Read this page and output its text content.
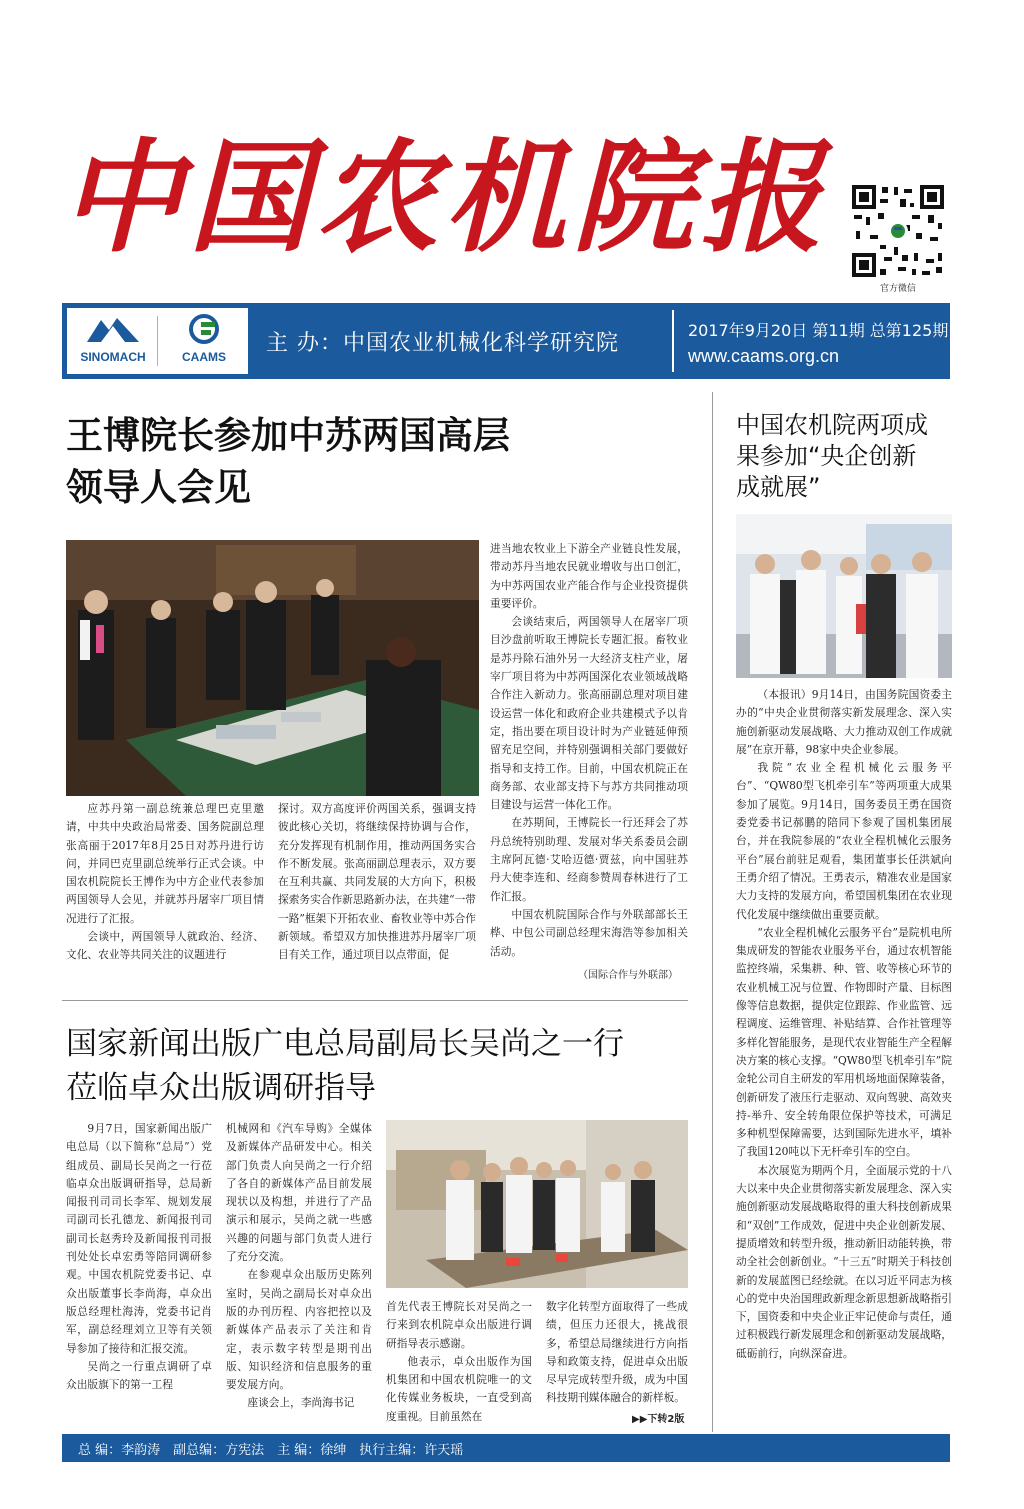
中国农机院报
官方微信
SINOMACH	CAAMS
主 办：中国农业机械化科学研究院
2017年9月20日 第11期 总第125期
www.caams.org.cn
王博院长参加中苏两国高层
领导人会见

应苏丹第一副总统兼总理巴克里邀请，中共中央政治局常委、国务院副总理张高丽于2017年8月25日对苏丹进行访问，并同巴克里副总统举行正式会谈。中国农机院院长王博作为中方企业代表参加两国领导人会见，并就苏丹屠宰厂项目情况进行了汇报。

会谈中，两国领导人就政治、经济、文化、农业等共同关注的议题进行

探讨。双方高度评价两国关系，强调支持彼此核心关切，将继续保持协调与合作，充分发挥现有机制作用，推动两国务实合作不断发展。张高丽副总理表示，双方要在互利共赢、共同发展的大方向下，积极探索务实合作新思路新办法，在共建“一带一路”框架下开拓农业、畜牧业等中苏合作新领域。希望双方加快推进苏丹屠宰厂项目有关工作，通过项目以点带面，促

进当地农牧业上下游全产业链良性发展，带动苏丹当地农民就业增收与出口创汇，为中苏两国农业产能合作与企业投资提供重要评价。

会谈结束后，两国领导人在屠宰厂项目沙盘前听取王博院长专题汇报。畜牧业是苏丹除石油外另一大经济支柱产业，屠宰厂项目将为中苏两国深化农业领域战略合作注入新动力。张高丽副总理对项目建设运营一体化和政府企业共建模式予以肯定，指出要在项目设计时为产业链延伸预留充足空间，并特别强调相关部门要做好指导和支持工作。目前，中国农机院正在商务部、农业部支持下与苏方共同推动项目建设与运营一体化工作。

在苏期间，王博院长一行还拜会了苏丹总统特别助理、发展对华关系委员会副主席阿瓦德·艾哈迈德·贾兹，向中国驻苏丹大使李连和、经商参赞周春林进行了工作汇报。

中国农机院国际合作与外联部部长王桦、中包公司副总经理宋海浩等参加相关活动。

（国际合作与外联部）
国家新闻出版广电总局副局长吴尚之一行
莅临卓众出版调研指导

9月7日，国家新闻出版广电总局（以下简称“总局”）党组成员、副局长吴尚之一行莅临卓众出版调研指导，总局新闻报刊司司长李军、规划发展司副司长孔德龙、新闻报刊司副司长赵秀玲及新闻报刊司报刊处处长卓宏勇等陪同调研参观。中国农机院党委书记、卓众出版董事长李尚海，卓众出版总经理杜海涛，党委书记肖军，副总经理刘立卫等有关领导参加了接待和汇报交流。

吴尚之一行重点调研了卓众出版旗下的第一工程

机械网和《汽车导购》全媒体及新媒体产品研发中心。相关部门负责人向吴尚之一行介绍了各自的新媒体产品目前发展现状以及构想，并进行了产品演示和展示，吴尚之就一些感兴趣的问题与部门负责人进行了充分交流。

在参观卓众出版历史陈列室时，吴尚之副局长对卓众出版的办刊历程、内容把控以及新媒体产品表示了关注和肯定，表示数字转型是期刊出版、知识经济和信息服务的重要发展方向。

座谈会上，李尚海书记

首先代表王博院长对吴尚之一行来到农机院卓众出版进行调研指导表示感谢。

他表示，卓众出版作为国机集团和中国农机院唯一的文化传媒业务板块，一直受到高度重视。目前虽然在

数字化转型方面取得了一些成绩，但压力还很大，挑战很多，希望总局继续进行方向指导和政策支持，促进卓众出版尽早完成转型升级，成为中国科技期刊媒体融合的新样板。

▶▶下转2版
中国农机院两项成
果参加“央企创新
成就展”

（本报讯）9月14日，由国务院国资委主办的“中央企业贯彻落实新发展理念、深入实施创新驱动发展战略、大力推动双创工作成就展”在京开幕，98家中央企业参展。

我院“农业全程机械化云服务平台”、“QW80型飞机牵引车”等两项重大成果参加了展览。9月14日，国务委员王勇在国资委党委书记郝鹏的陪同下参观了国机集团展台，并在我院参展的“农业全程机械化云服务平台”展台前驻足观看，集团董事长任洪斌向王勇介绍了情况。王勇表示，精准农业是国家大力支持的发展方向，希望国机集团在农业现代化发展中继续做出重要贡献。

“农业全程机械化云服务平台”是院机电所集成研发的智能农业服务平台，通过农机智能监控终端，采集耕、种、管、收等核心环节的农业机械工况与位置、作物即时产量、目标图像等信息数据，提供定位跟踪、作业监管、远程调度、运维管理、补贴结算、合作社管理等多样化智能服务，是现代农业智能生产全程解决方案的核心支撑。“QW80型飞机牵引车”院金轮公司自主研发的军用机场地面保障装备，创新研发了液压行走驱动、双向驾驶、高效夹持-举升、安全转角限位保护等技术，可满足多种机型保障需要，达到国际先进水平，填补了我国120吨以下无杆牵引车的空白。

本次展览为期两个月，全面展示党的十八大以来中央企业贯彻落实新发展理念、深入实施创新驱动发展战略取得的重大科技创新成果和“双创”工作成效，促进中央企业创新发展、提质增效和转型升级，推动新旧动能转换，带动全社会创新创业。“十三五”时期关于科技创新的发展蓝图已经绘就。在以习近平同志为核心的党中央治国理政新理念新思想新战略指引下，国资委和中央企业正牢记使命与责任，通过积极践行新发展理念和创新驱动发展战略，砥砺前行，向纵深奋进。

总 编：李韵涛　副总编：方宪法　主 编：徐绅　执行主编：许天瑶
